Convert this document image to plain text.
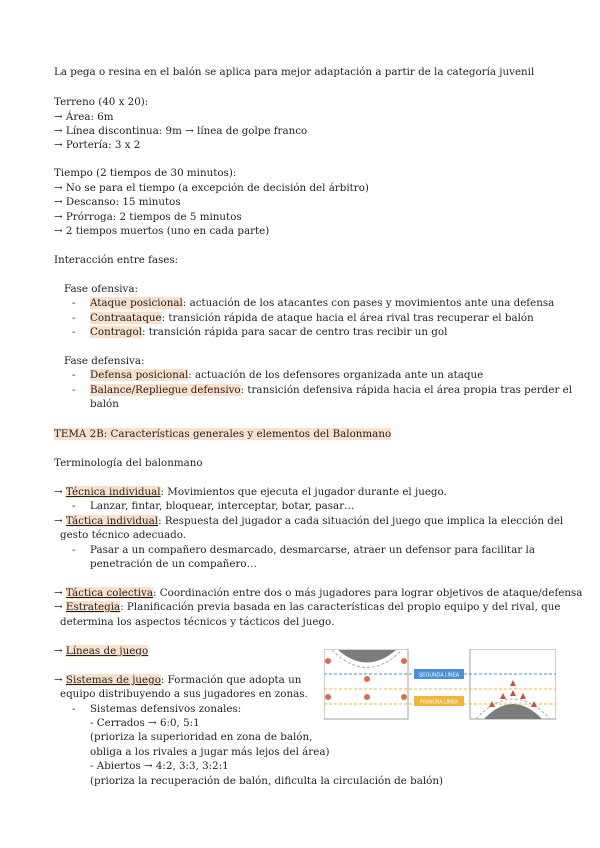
La pega o resina en el balón se aplica para mejor adaptación a partir de la categoría juvenil
Terreno (40 x 20):
→ Área: 6m
→ Línea discontinua: 9m → línea de golpe franco
→ Portería: 3 x 2
Tiempo (2 tiempos de 30 minutos):
→ No se para el tiempo (a excepción de decisión del árbitro)
→ Descanso: 15 minutos
→ Prórroga: 2 tiempos de 5 minutos
→ 2 tiempos muertos (uno en cada parte)
Interacción entre fases:
Fase ofensiva:
- Ataque posicional: actuación de los atacantes con pases y movimientos ante una defensa
- Contraataque: transición rápida de ataque hacia el área rival tras recuperar el balón
- Contragol: transición rápida para sacar de centro tras recibir un gol
Fase defensiva:
- Defensa posicional: actuación de los defensores organizada ante un ataque
- Balance/Repliegue defensivo: transición defensiva rápida hacia el área propia tras perder el
balón
TEMA 2B: Características generales y elementos del Balonmano
Terminología del balonmano
→ Técnica individual: Movimientos que ejecuta el jugador durante el juego.
- Lanzar, fintar, bloquear, interceptar, botar, pasar…
→ Táctica individual: Respuesta del jugador a cada situación del juego que implica la elección del
gesto técnico adecuado.
- Pasar a un compañero desmarcado, desmarcarse, atraer un defensor para facilitar la
penetración de un compañero…
→ Táctica colectiva: Coordinación entre dos o más jugadores para lograr objetivos de ataque/defensa
→ Estrategia: Planificación previa basada en las características del propio equipo y del rival, que
determina los aspectos técnicos y tácticos del juego.
→ Líneas de juego
→ Sistemas de juego: Formación que adopta un
equipo distribuyendo a sus jugadores en zonas.
- Sistemas defensivos zonales:
- Cerrados → 6:0, 5:1
(prioriza la superioridad en zona de balón,
obliga a los rivales a jugar más lejos del área)
- Abiertos → 4:2, 3:3, 3:2:1
(prioriza la recuperación de balón, dificulta la circulación de balón)
SEGUNDA LÍNEA
PRIMERA LÍNEA
